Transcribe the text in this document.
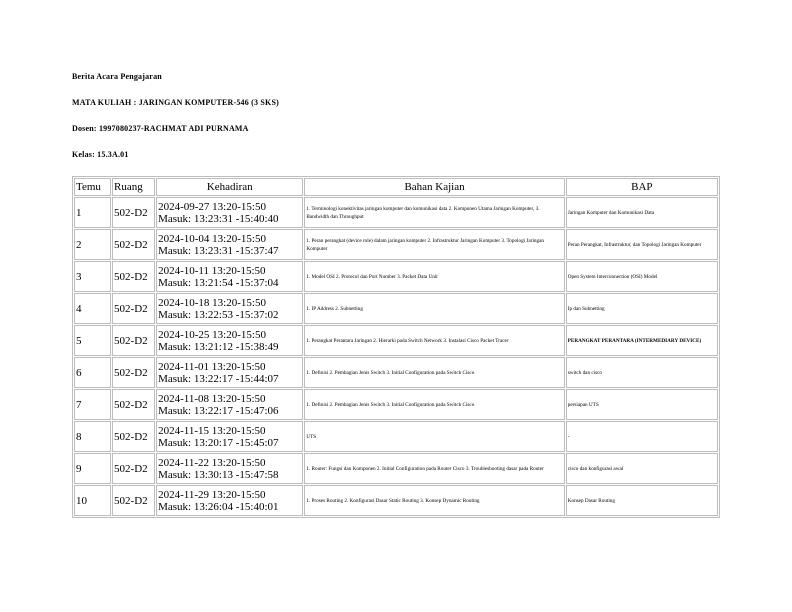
Berita Acara Pengajaran
MATA KULIAH : JARINGAN KOMPUTER-546 (3 SKS)
Dosen: 1997080237-RACHMAT ADI PURNAMA
Kelas: 15.3A.01
Temu	Ruang	Kehadiran	Bahan Kajian	BAP
1	502-D2	2024-09-27 13:20-15:50
Masuk: 13:23:31 -15:40:40	1. Terminologi konektivitas jaringan komputer dan komunikasi data 2. Komponen Utama Jaringan Komputer, 3. Bandwidth dan Throughput	Jaringan Komputer dan Komunikasi Data
2	502-D2	2024-10-04 13:20-15:50
Masuk: 13:23:31 -15:37:47	1. Peran perangkat (device role) dalam jaringan komputer 2. Infrastruktur Jaringan Komputer 3. Topologi Jaringan Komputer	Peran Perangkat, Infrastruktur, dan Topologi Jaringan Komputer
3	502-D2	2024-10-11 13:20-15:50
Masuk: 13:21:54 -15:37:04	1. Model OSI 2. Protocol dan Port Number 3. Packet Data Unit	Open System Interconnection (OSI) Model
4	502-D2	2024-10-18 13:20-15:50
Masuk: 13:22:53 -15:37:02	1. IP Address 2. Subnetting	Ip dan Subnetting
5	502-D2	2024-10-25 13:20-15:50
Masuk: 13:21:12 -15:38:49	1. Perangkat Perantara Jaringan 2. Hierarki pada Switch Network 3. Instalasi Cisco Packet Tracer	PERANGKAT PERANTARA (INTERMEDIARY DEVICE)
6	502-D2	2024-11-01 13:20-15:50
Masuk: 13:22:17 -15:44:07	1. Definisi 2. Pembagian Jenis Switch 3. Initial Configuration pada Switch Cisco	switch dan cisco
7	502-D2	2024-11-08 13:20-15:50
Masuk: 13:22:17 -15:47:06	1. Definisi 2. Pembagian Jenis Switch 3. Initial Configuration pada Switch Cisco	persiapan UTS
8	502-D2	2024-11-15 13:20-15:50
Masuk: 13:20:17 -15:45:07	UTS	-
9	502-D2	2024-11-22 13:20-15:50
Masuk: 13:30:13 -15:47:58	1. Router: Fungsi dan Komponen 2. Initial Configuration pada Router Cisco 3. Troubleshooting dasar pada Router	cisco dan konfigurasi awal
10	502-D2	2024-11-29 13:20-15:50
Masuk: 13:26:04 -15:40:01	1. Proses Routing 2. Konfigurasi Dasar Static Routing 3. Konsep Dynamic Routing	Konsep Dasar Routing
